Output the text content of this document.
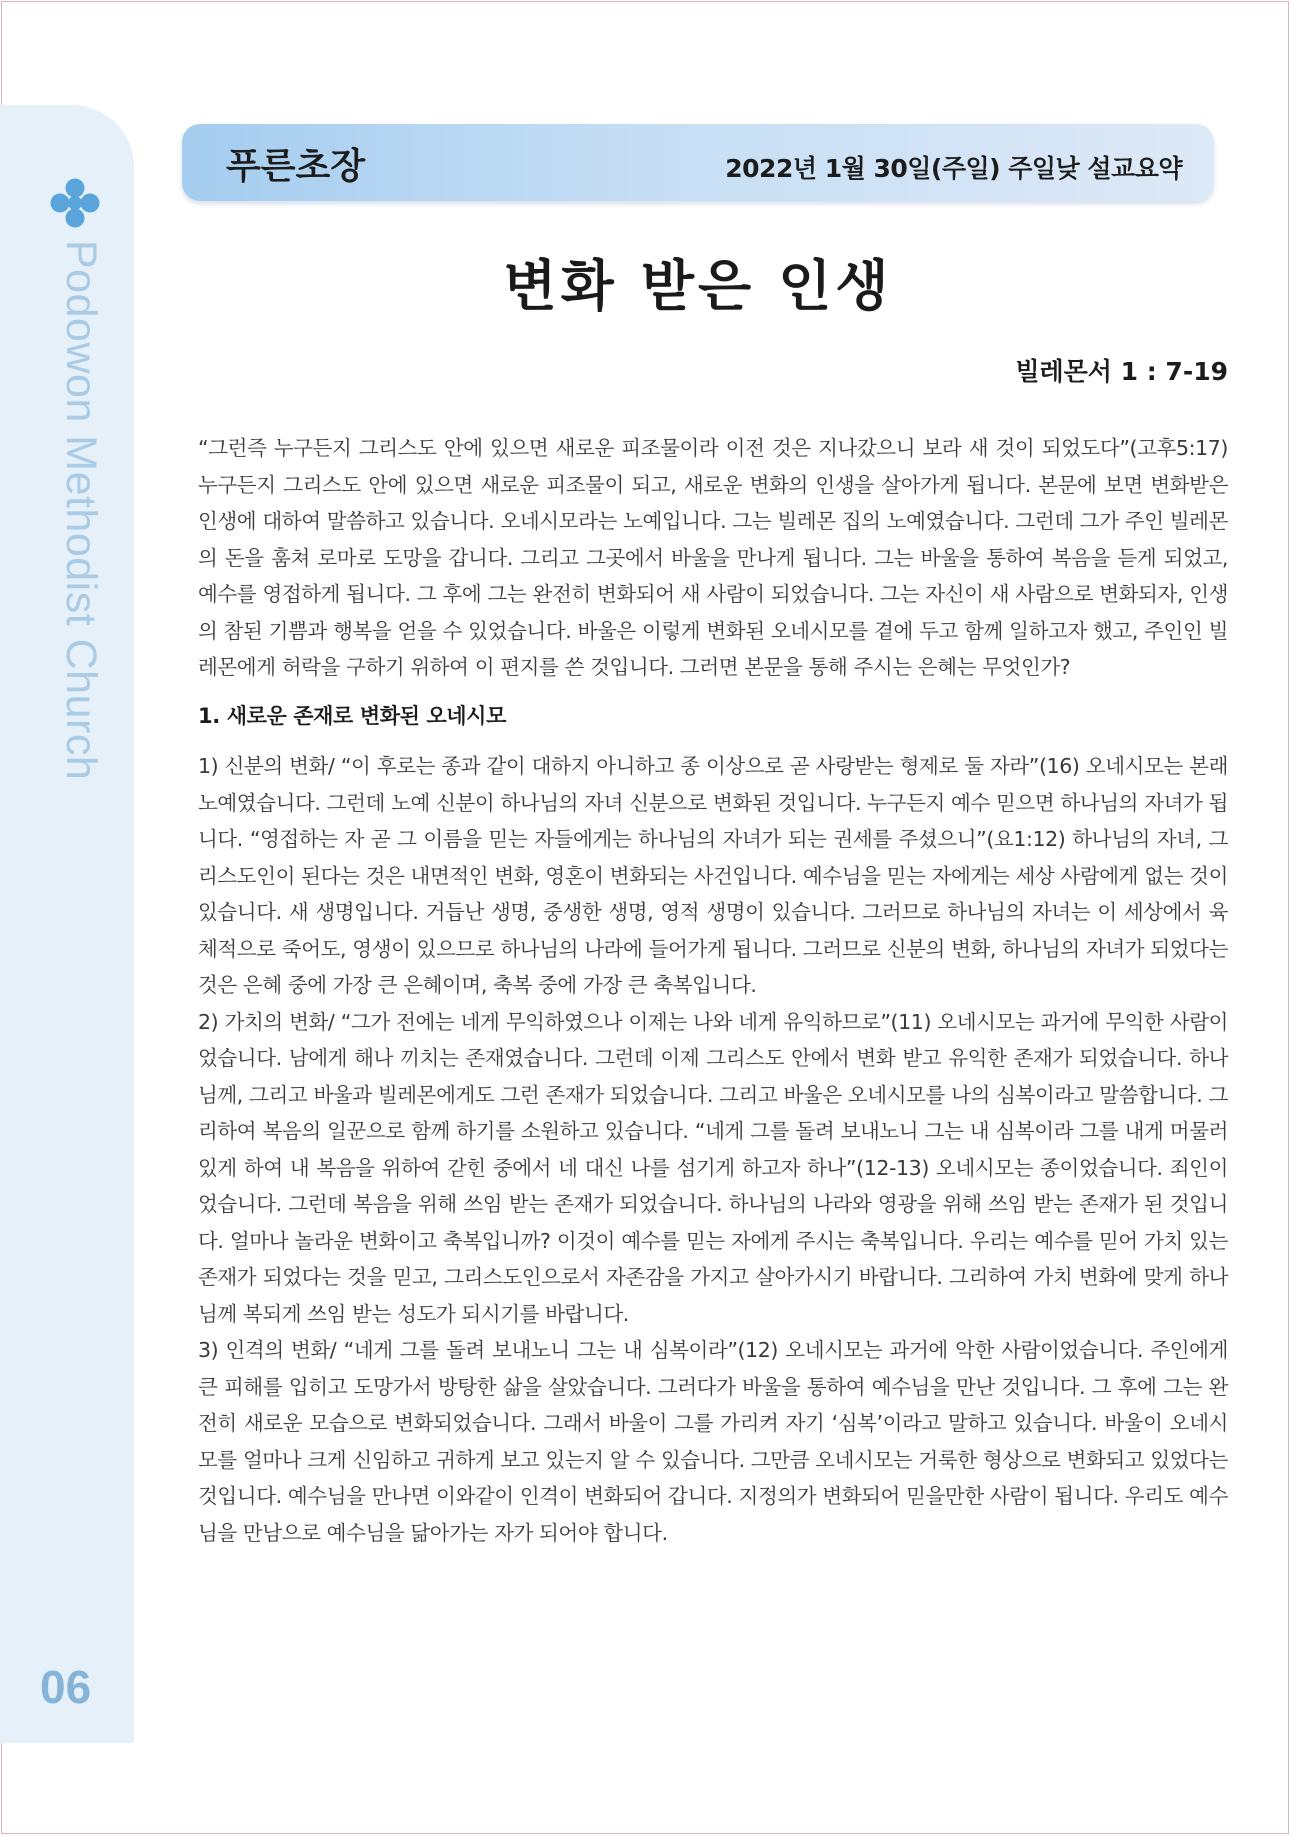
Podowon Methodist Church
06
푸른초장	2022년 1월 30일(주일) 주일낮 설교요약
변화 받은 인생
빌레몬서 1 : 7-19

“그런즉 누구든지 그리스도 안에 있으면 새로운 피조물이라 이전 것은 지나갔으니 보라 새 것이 되었도다”(고후5:17) 누구든지 그리스도 안에 있으면 새로운 피조물이 되고, 새로운 변화의 인생을 살아가게 됩니다. 본문에 보면 변화받은 인생에 대하여 말씀하고 있습니다. 오네시모라는 노예입니다. 그는 빌레몬 집의 노예였습니다. 그런데 그가 주인 빌레몬의 돈을 훔쳐 로마로 도망을 갑니다. 그리고 그곳에서 바울을 만나게 됩니다. 그는 바울을 통하여 복음을 듣게 되었고, 예수를 영접하게 됩니다. 그 후에 그는 완전히 변화되어 새 사람이 되었습니다. 그는 자신이 새 사람으로 변화되자, 인생의 참된 기쁨과 행복을 얻을 수 있었습니다. 바울은 이렇게 변화된 오네시모를 곁에 두고 함께 일하고자 했고, 주인인 빌레몬에게 허락을 구하기 위하여 이 편지를 쓴 것입니다. 그러면 본문을 통해 주시는 은혜는 무엇인가?

1. 새로운 존재로 변화된 오네시모

1) 신분의 변화/ “이 후로는 종과 같이 대하지 아니하고 종 이상으로 곧 사랑받는 형제로 둘 자라”(16) 오네시모는 본래 노예였습니다. 그런데 노예 신분이 하나님의 자녀 신분으로 변화된 것입니다. 누구든지 예수 믿으면 하나님의 자녀가 됩니다. “영접하는 자 곧 그 이름을 믿는 자들에게는 하나님의 자녀가 되는 권세를 주셨으니”(요1:12) 하나님의 자녀, 그리스도인이 된다는 것은 내면적인 변화, 영혼이 변화되는 사건입니다. 예수님을 믿는 자에게는 세상 사람에게 없는 것이 있습니다. 새 생명입니다. 거듭난 생명, 중생한 생명, 영적 생명이 있습니다. 그러므로 하나님의 자녀는 이 세상에서 육체적으로 죽어도, 영생이 있으므로 하나님의 나라에 들어가게 됩니다. 그러므로 신분의 변화, 하나님의 자녀가 되었다는 것은 은혜 중에 가장 큰 은혜이며, 축복 중에 가장 큰 축복입니다.

2) 가치의 변화/ “그가 전에는 네게 무익하였으나 이제는 나와 네게 유익하므로”(11) 오네시모는 과거에 무익한 사람이었습니다. 남에게 해나 끼치는 존재였습니다. 그런데 이제 그리스도 안에서 변화 받고 유익한 존재가 되었습니다. 하나님께, 그리고 바울과 빌레몬에게도 그런 존재가 되었습니다. 그리고 바울은 오네시모를 나의 심복이라고 말씀합니다. 그리하여 복음의 일꾼으로 함께 하기를 소원하고 있습니다. “네게 그를 돌려 보내노니 그는 내 심복이라 그를 내게 머물러 있게 하여 내 복음을 위하여 갇힌 중에서 네 대신 나를 섬기게 하고자 하나”(12-13) 오네시모는 종이었습니다. 죄인이었습니다. 그런데 복음을 위해 쓰임 받는 존재가 되었습니다. 하나님의 나라와 영광을 위해 쓰임 받는 존재가 된 것입니다. 얼마나 놀라운 변화이고 축복입니까? 이것이 예수를 믿는 자에게 주시는 축복입니다. 우리는 예수를 믿어 가치 있는 존재가 되었다는 것을 믿고, 그리스도인으로서 자존감을 가지고 살아가시기 바랍니다. 그리하여 가치 변화에 맞게 하나님께 복되게 쓰임 받는 성도가 되시기를 바랍니다.

3) 인격의 변화/ “네게 그를 돌려 보내노니 그는 내 심복이라”(12) 오네시모는 과거에 악한 사람이었습니다. 주인에게 큰 피해를 입히고 도망가서 방탕한 삶을 살았습니다. 그러다가 바울을 통하여 예수님을 만난 것입니다. 그 후에 그는 완전히 새로운 모습으로 변화되었습니다. 그래서 바울이 그를 가리켜 자기 ‘심복’이라고 말하고 있습니다. 바울이 오네시모를 얼마나 크게 신임하고 귀하게 보고 있는지 알 수 있습니다. 그만큼 오네시모는 거룩한 형상으로 변화되고 있었다는 것입니다. 예수님을 만나면 이와같이 인격이 변화되어 갑니다. 지정의가 변화되어 믿을만한 사람이 됩니다. 우리도 예수님을 만남으로 예수님을 닮아가는 자가 되어야 합니다.
